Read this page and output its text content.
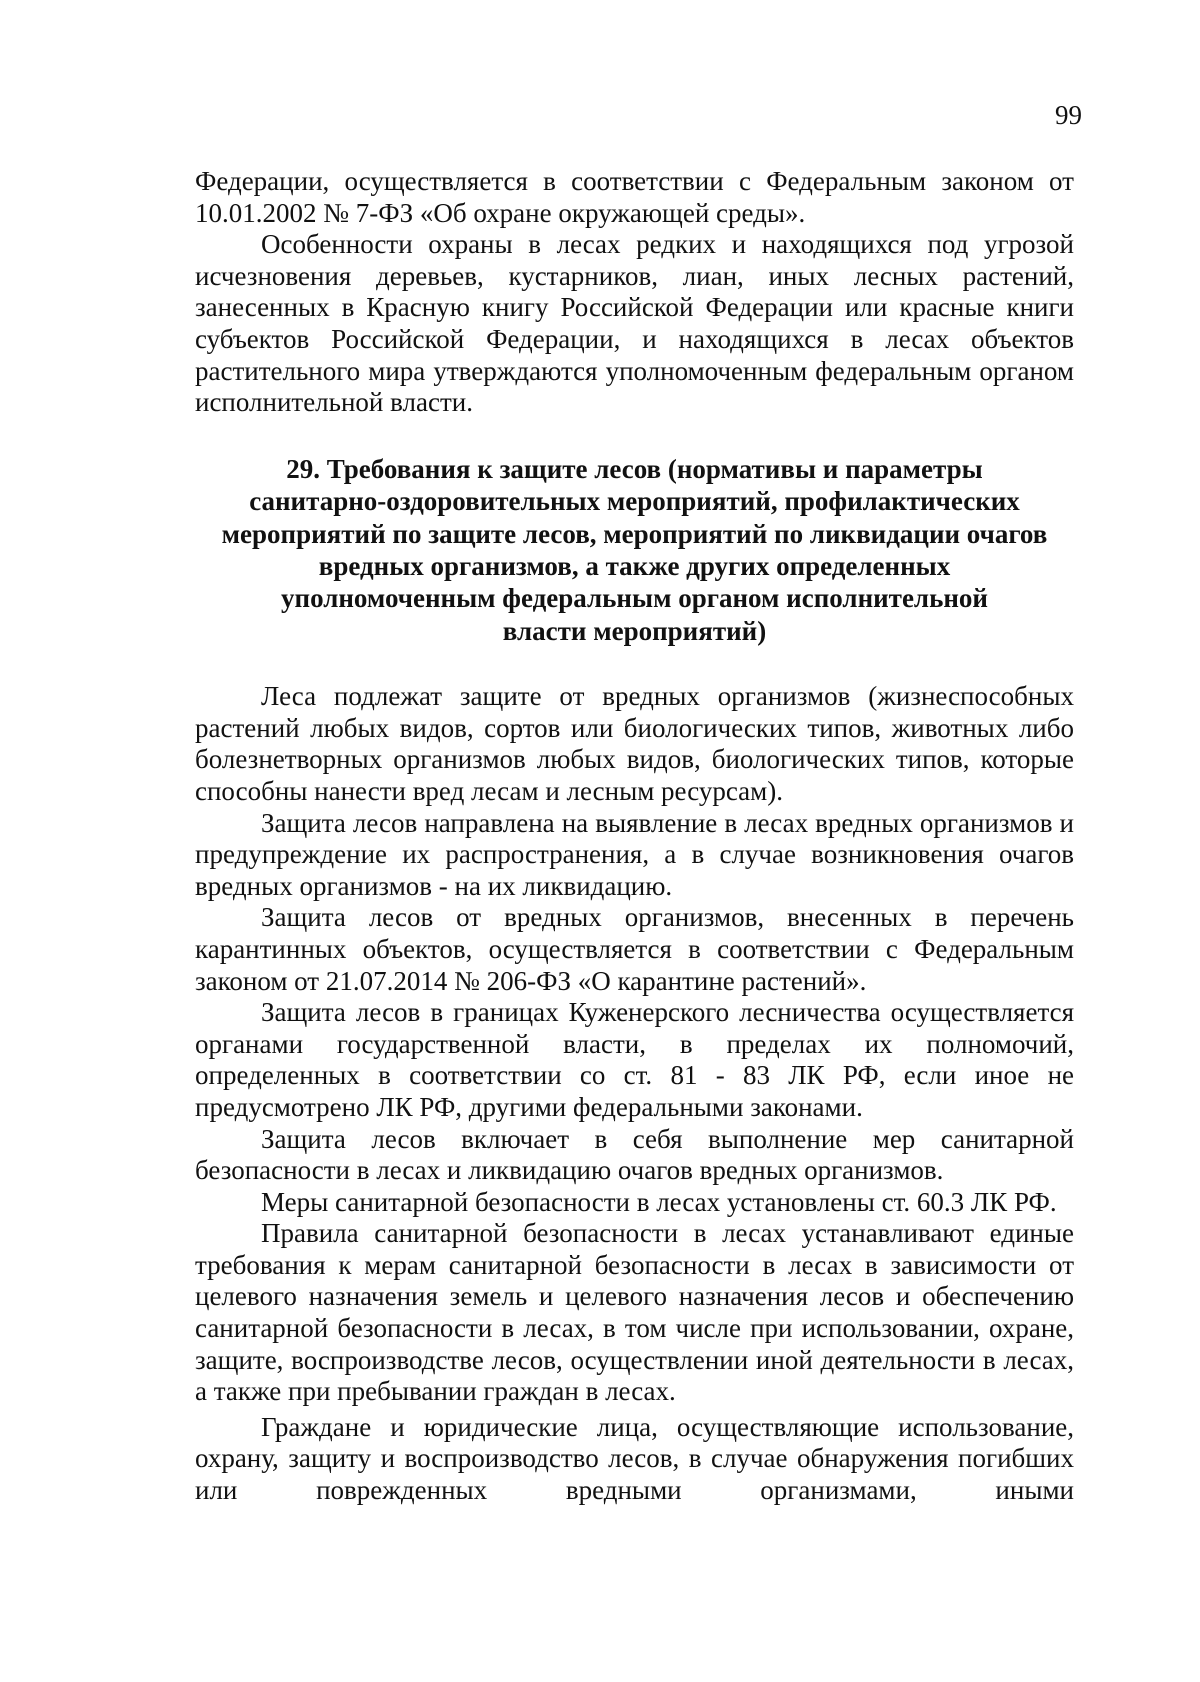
99

Федерации, осуществляется в соответствии с Федеральным законом от 10.01.2002 № 7-ФЗ «Об охране окружающей среды».

Особенности охраны в лесах редких и находящихся под угрозой исчезновения деревьев, кустарников, лиан, иных лесных растений, занесенных в Красную книгу Российской Федерации или красные книги субъектов Российской Федерации, и находящихся в лесах объектов растительного мира утверждаются уполномоченным федеральным органом исполнительной власти.

29. Требования к защите лесов (нормативы и параметры
санитарно-оздоровительных мероприятий, профилактических
мероприятий по защите лесов, мероприятий по ликвидации очагов
вредных организмов, а также других определенных
уполномоченным федеральным органом исполнительной
власти мероприятий)

Леса подлежат защите от вредных организмов (жизнеспособных растений любых видов, сортов или биологических типов, животных либо болезнетворных организмов любых видов, биологических типов, которые способны нанести вред лесам и лесным ресурсам).

Защита лесов направлена на выявление в лесах вредных организмов и предупреждение их распространения, а в случае возникновения очагов вредных организмов - на их ликвидацию.

Защита лесов от вредных организмов, внесенных в перечень карантинных объектов, осуществляется в соответствии с Федеральным законом от 21.07.2014 № 206-ФЗ «О карантине растений».

Защита лесов в границах Куженерского лесничества осуществляется органами государственной власти, в пределах их полномочий, определенных в соответствии со ст. 81 - 83 ЛК РФ, если иное не предусмотрено ЛК РФ, другими федеральными законами.

Защита лесов включает в себя выполнение мер санитарной безопасности в лесах и ликвидацию очагов вредных организмов.

Меры санитарной безопасности в лесах установлены ст. 60.3 ЛК РФ.

Правила санитарной безопасности в лесах устанавливают единые требования к мерам санитарной безопасности в лесах в зависимости от целевого назначения земель и целевого назначения лесов и обеспечению санитарной безопасности в лесах, в том числе при использовании, охране, защите, воспроизводстве лесов, осуществлении иной деятельности в лесах, а также при пребывании граждан в лесах.

Граждане и юридические лица, осуществляющие использование, охрану, защиту и воспроизводство лесов, в случае обнаружения погибших или поврежденных вредными организмами, иными
